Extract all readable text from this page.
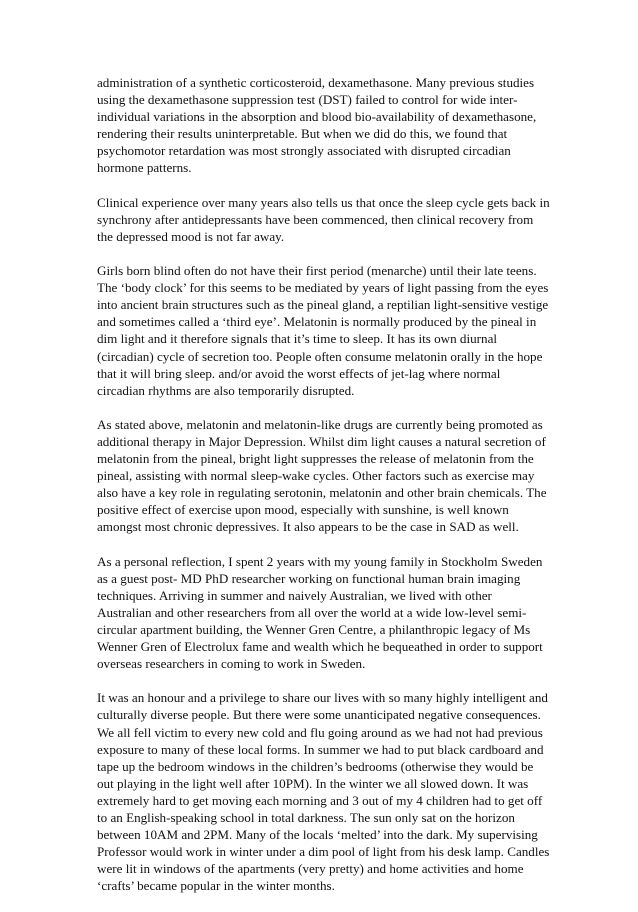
administration of a synthetic corticosteroid, dexamethasone. Many previous studies
using the dexamethasone suppression test (DST) failed to control for wide inter-
individual variations in the absorption and blood bio-availability of dexamethasone,
rendering their results uninterpretable. But when we did do this, we found that
psychomotor retardation was most strongly associated with disrupted circadian
hormone patterns.

Clinical experience over many years also tells us that once the sleep cycle gets back in
synchrony after antidepressants have been commenced, then clinical recovery from
the depressed mood is not far away.

Girls born blind often do not have their first period (menarche) until their late teens.
The ‘body clock’ for this seems to be mediated by years of light passing from the eyes
into ancient brain structures such as the pineal gland, a reptilian light-sensitive vestige
and sometimes called a ‘third eye’. Melatonin is normally produced by the pineal in
dim light and it therefore signals that it’s time to sleep. It has its own diurnal
(circadian) cycle of secretion too. People often consume melatonin orally in the hope
that it will bring sleep. and/or avoid the worst effects of jet-lag where normal
circadian rhythms are also temporarily disrupted.

As stated above, melatonin and melatonin-like drugs are currently being promoted as
additional therapy in Major Depression. Whilst dim light causes a natural secretion of
melatonin from the pineal, bright light suppresses the release of melatonin from the
pineal, assisting with normal sleep-wake cycles. Other factors such as exercise may
also have a key role in regulating serotonin, melatonin and other brain chemicals. The
positive effect of exercise upon mood, especially with sunshine, is well known
amongst most chronic depressives. It also appears to be the case in SAD as well.

As a personal reflection, I spent 2 years with my young family in Stockholm Sweden
as a guest post- MD PhD researcher working on functional human brain imaging
techniques. Arriving in summer and naively Australian, we lived with other
Australian and other researchers from all over the world at a wide low-level semi-
circular apartment building, the Wenner Gren Centre, a philanthropic legacy of Ms
Wenner Gren of Electrolux fame and wealth which he bequeathed in order to support
overseas researchers in coming to work in Sweden.

It was an honour and a privilege to share our lives with so many highly intelligent and
culturally diverse people. But there were some unanticipated negative consequences.
We all fell victim to every new cold and flu going around as we had not had previous
exposure to many of these local forms. In summer we had to put black cardboard and
tape up the bedroom windows in the children’s bedrooms (otherwise they would be
out playing in the light well after 10PM). In the winter we all slowed down. It was
extremely hard to get moving each morning and 3 out of my 4 children had to get off
to an English-speaking school in total darkness. The sun only sat on the horizon
between 10AM and 2PM. Many of the locals ‘melted’ into the dark. My supervising
Professor would work in winter under a dim pool of light from his desk lamp. Candles
were lit in windows of the apartments (very pretty) and home activities and home
‘crafts’ became popular in the winter months.
